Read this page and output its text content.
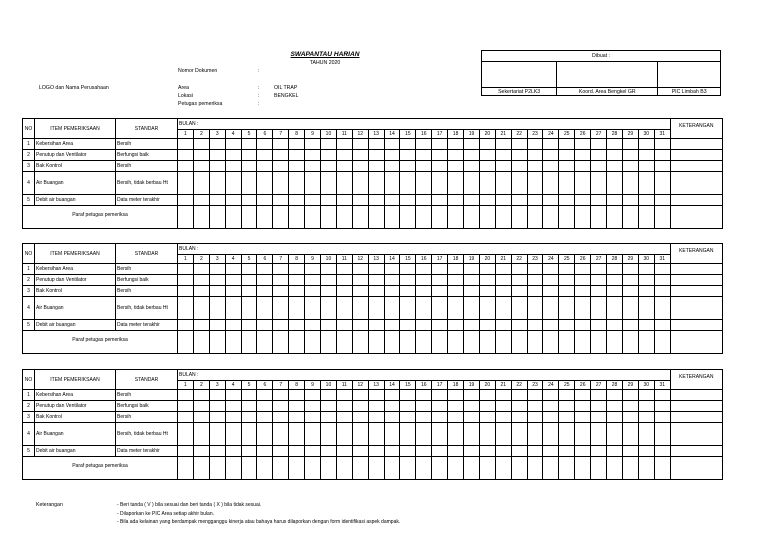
SWAPANTAU HARIAN
TAHUN 2020
LOGO dan Nama Perusahaan
Nomor Dokumen	:
Area	:	OIL TRAP
Lokasi	:	BENGKEL
Petugas pemeriksa	:
Dibuat :		

Sekertariat P2LK3	Koord. Area Bengkel GR	PIC Limbah B3
NO	ITEM PEMERIKSAAN	STANDAR	BULAN :																															KETERANGAN
			1	2	3	4	5	6	7	8	9	10	11	12	13	14	15	16	17	18	19	20	21	22	23	24	25	26	27	28	29	30	31	
1	Kebersihan Area	Bersih																																
2	Penutup dan Ventilator	Berfungsi baik																																
3	Bak Kontrol	Bersih																																
4	Air Buangan	Bersih, tidak berbau Ht																																
5	Debit air buangan	Data meter terakhir																																
Paraf petugas pemeriksa																																		
NO	ITEM PEMERIKSAAN	STANDAR	BULAN :																															KETERANGAN
			1	2	3	4	5	6	7	8	9	10	11	12	13	14	15	16	17	18	19	20	21	22	23	24	25	26	27	28	29	30	31	
1	Kebersihan Area	Bersih																																
2	Penutup dan Ventilator	Berfungsi baik																																
3	Bak Kontrol	Bersih																																
4	Air Buangan	Bersih, tidak berbau Ht																																
5	Debit air buangan	Data meter terakhir																																
Paraf petugas pemeriksa																																		
NO	ITEM PEMERIKSAAN	STANDAR	BULAN :																															KETERANGAN
			1	2	3	4	5	6	7	8	9	10	11	12	13	14	15	16	17	18	19	20	21	22	23	24	25	26	27	28	29	30	31	
1	Kebersihan Area	Bersih																																
2	Penutup dan Ventilator	Berfungsi baik																																
3	Bak Kontrol	Bersih																																
4	Air Buangan	Bersih, tidak berbau Ht																																
5	Debit air buangan	Data meter terakhir																																
Paraf petugas pemeriksa																																		
Keterangan	- Beri tanda ( V ) bila sesuai dan beri tanda ( X ) bila tidak sesuai.
- Dilaporkan ke PIC Area setiap akhir bulan.
- Bila ada kelainan yang berdampak mengganggu kinerja atau bahaya harus dilaporkan dengan form identifikasi aspek dampak.
